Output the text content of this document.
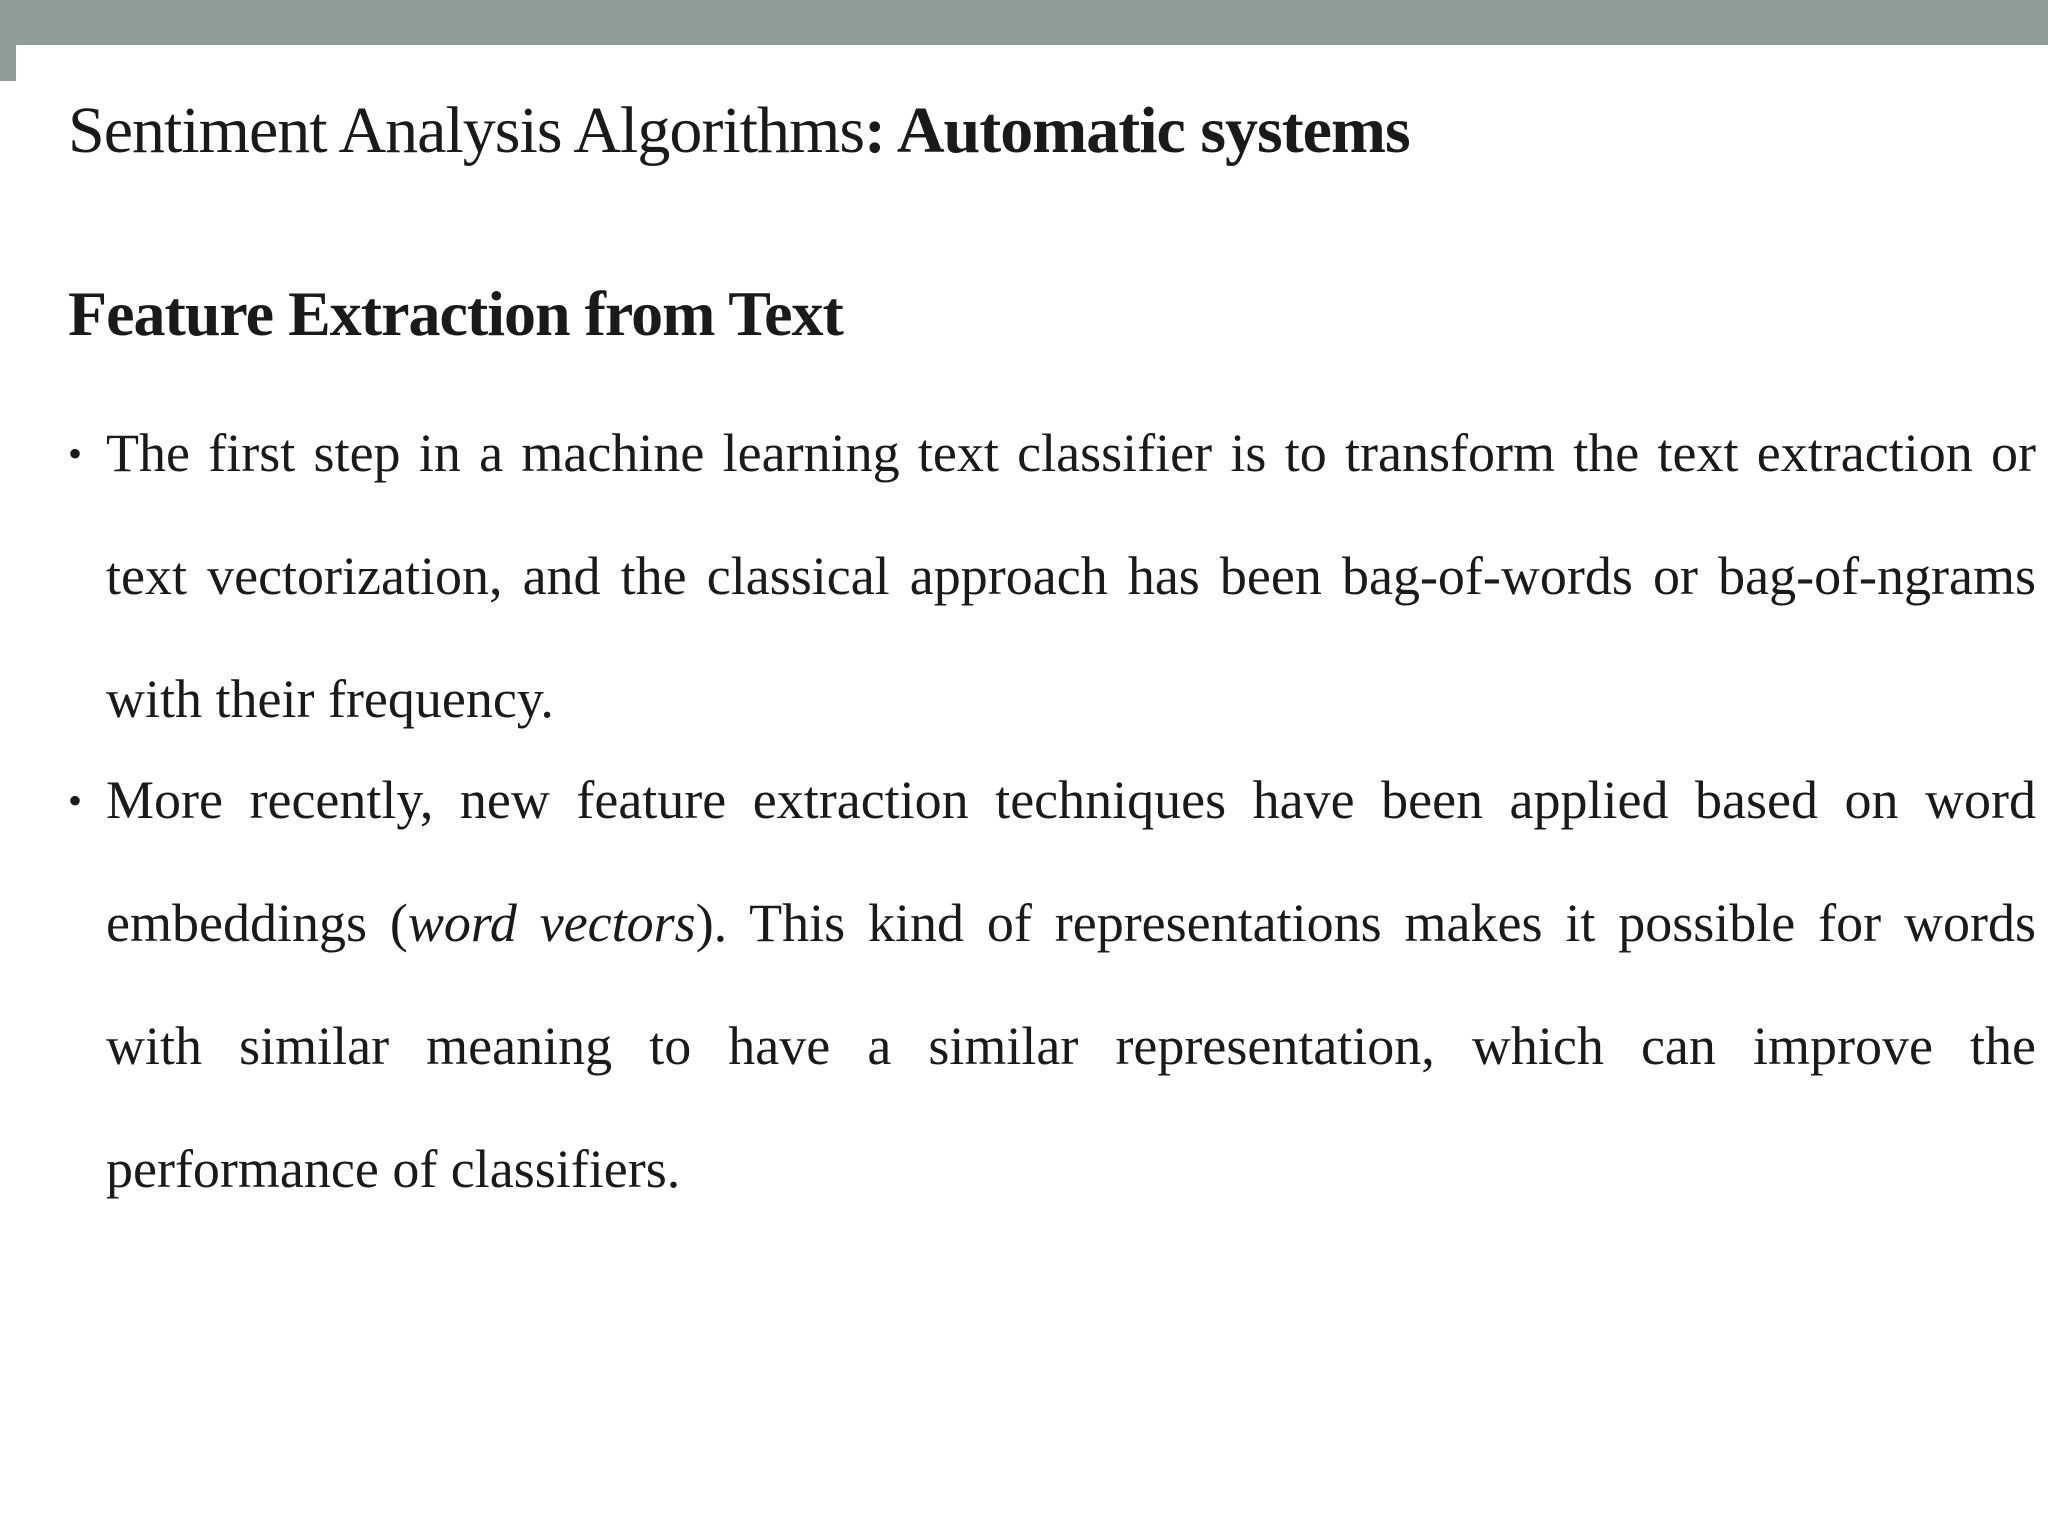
Sentiment Analysis Algorithms: Automatic systems
Feature Extraction from Text
• The first step in a machine learning text classifier is to transform the text extraction or text vectorization, and the classical approach has been bag-of-words or bag-of-ngrams with their frequency.
• More recently, new feature extraction techniques have been applied based on word embeddings (word vectors). This kind of representations makes it possible for words with similar meaning to have a similar representation, which can improve the performance of classifiers.
